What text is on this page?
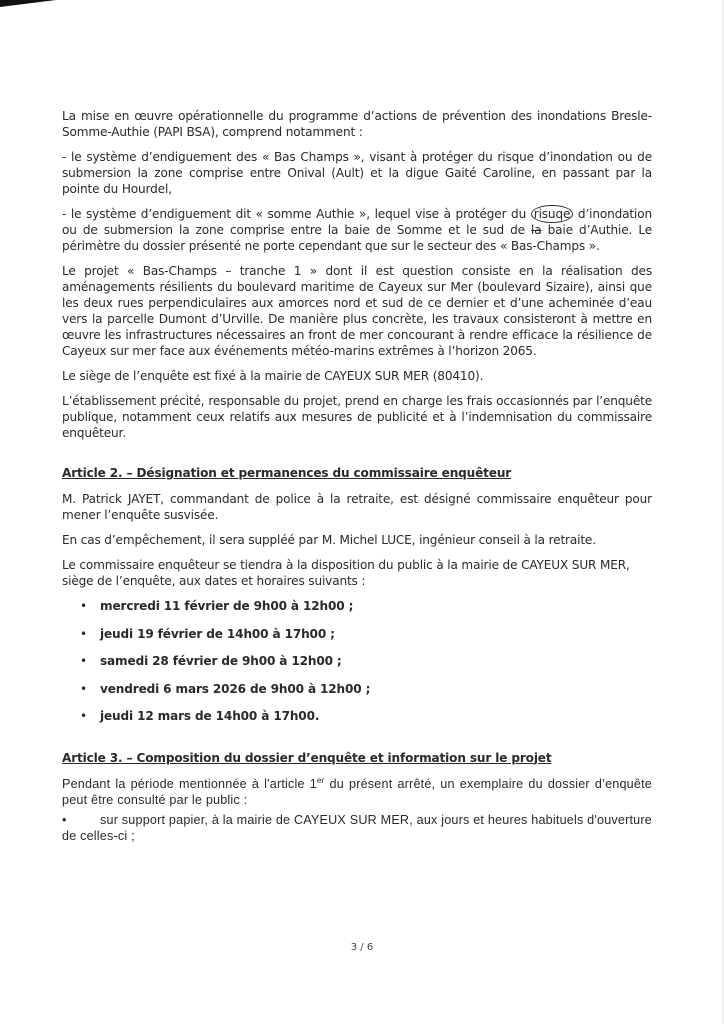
La mise en œuvre opérationnelle du programme d’actions de prévention des inondations Bresle-Somme-Authie (PAPI BSA), comprend notamment :

- le système d’endiguement des « Bas Champs », visant à protéger du risque d’inondation ou de submersion la zone comprise entre Onival (Ault) et la digue Gaité Caroline, en passant par la pointe du Hourdel,

- le système d’endiguement dit « somme Authie », lequel vise à protéger du risuqe d’inondation ou de submersion la zone comprise entre la baie de Somme et le sud de la baie d’Authie. Le périmètre du dossier présenté ne porte cependant que sur le secteur des « Bas-Champs ».

Le projet « Bas-Champs – tranche 1 » dont il est question consiste en la réalisation des aménagements résilients du boulevard maritime de Cayeux sur Mer (boulevard Sizaire), ainsi que les deux rues perpendiculaires aux amorces nord et sud de ce dernier et d’une acheminée d’eau vers la parcelle Dumont d’Urville. De manière plus concrète, les travaux consisteront à mettre en œuvre les infrastructures nécessaires an front de mer concourant à rendre efficace la résilience de Cayeux sur mer face aux événements météo-marins extrêmes à l’horizon 2065.

Le siège de l’enquête est fixé à la mairie de CAYEUX SUR MER (80410).

L’établissement précité, responsable du projet, prend en charge les frais occasionnés par l’enquête publique, notamment ceux relatifs aux mesures de publicité et à l’indemnisation du commissaire enquêteur.

Article 2. – Désignation et permanences du commissaire enquêteur

M. Patrick JAYET, commandant de police à la retraite, est désigné commissaire enquêteur pour mener l’enquête susvisée.

En cas d’empêchement, il sera suppléé par M. Michel LUCE, ingénieur conseil à la retraite.

Le commissaire enquêteur se tiendra à la disposition du public à la mairie de CAYEUX SUR MER, siège de l’enquête, aux dates et horaires suivants :

• mercredi 11 février de 9h00 à 12h00 ;
• jeudi 19 février de 14h00 à 17h00 ;
• samedi 28 février de 9h00 à 12h00 ;
• vendredi 6 mars 2026 de 9h00 à 12h00 ;
• jeudi 12 mars de 14h00 à 17h00.
Article 3. – Composition du dossier d’enquête et information sur le projet

Pendant la période mentionnée à l'article 1er du présent arrêté, un exemplaire du dossier d’enquête peut être consulté par le public :

•	sur support papier, à la mairie de CAYEUX SUR MER, aux jours et heures habituels d'ouverture de celles-ci ;

3 / 6
